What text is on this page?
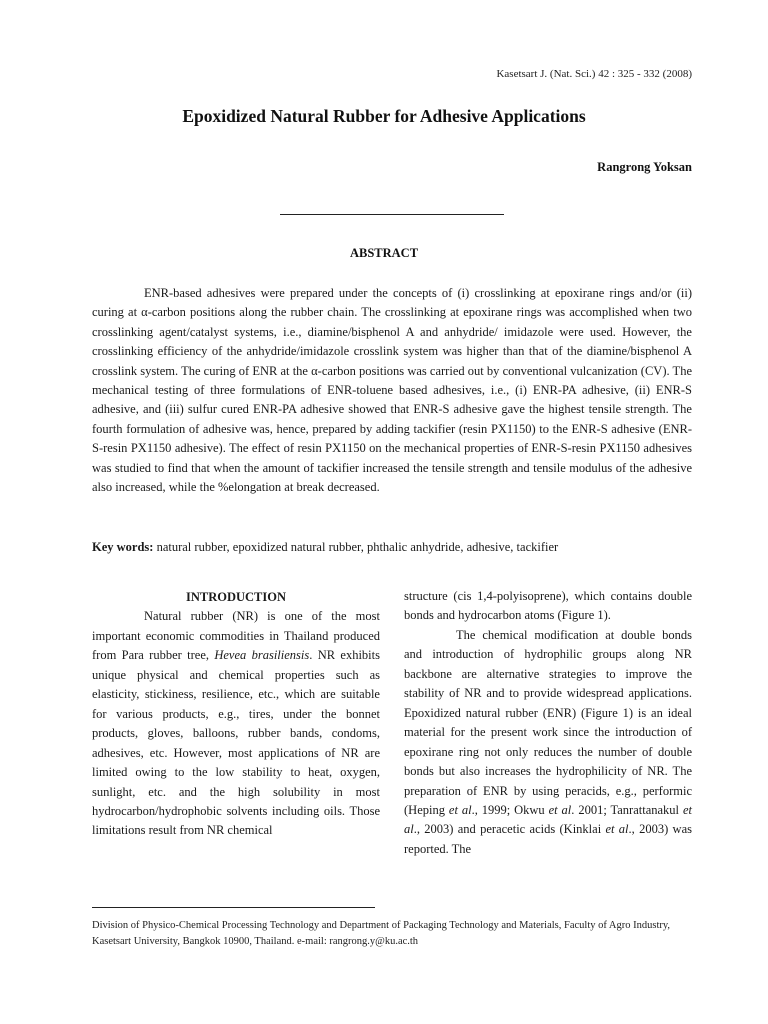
Kasetsart J. (Nat. Sci.) 42 : 325 - 332 (2008)
Epoxidized Natural Rubber for Adhesive Applications
Rangrong Yoksan
ABSTRACT

ENR-based adhesives were prepared under the concepts of (i) crosslinking at epoxirane rings and/or (ii) curing at α-carbon positions along the rubber chain. The crosslinking at epoxirane rings was accomplished when two crosslinking agent/catalyst systems, i.e., diamine/bisphenol A and anhydride/ imidazole were used. However, the crosslinking efficiency of the anhydride/imidazole crosslink system was higher than that of the diamine/bisphenol A crosslink system. The curing of ENR at the α-carbon positions was carried out by conventional vulcanization (CV). The mechanical testing of three formulations of ENR-toluene based adhesives, i.e., (i) ENR-PA adhesive, (ii) ENR-S adhesive, and (iii) sulfur cured ENR-PA adhesive showed that ENR-S adhesive gave the highest tensile strength. The fourth formulation of adhesive was, hence, prepared by adding tackifier (resin PX1150) to the ENR-S adhesive (ENR-S-resin PX1150 adhesive). The effect of resin PX1150 on the mechanical properties of ENR-S-resin PX1150 adhesives was studied to find that when the amount of tackifier increased the tensile strength and tensile modulus of the adhesive also increased, while the %elongation at break decreased.

Key words: natural rubber, epoxidized natural rubber, phthalic anhydride, adhesive, tackifier

INTRODUCTION

Natural rubber (NR) is one of the most important economic commodities in Thailand produced from Para rubber tree, Hevea brasiliensis. NR exhibits unique physical and chemical properties such as elasticity, stickiness, resilience, etc., which are suitable for various products, e.g., tires, under the bonnet products, gloves, balloons, rubber bands, condoms, adhesives, etc. However, most applications of NR are limited owing to the low stability to heat, oxygen, sunlight, etc. and the high solubility in most hydrocarbon/hydrophobic solvents including oils. Those limitations result from NR chemical

structure (cis 1,4-polyisoprene), which contains double bonds and hydrocarbon atoms (Figure 1).

The chemical modification at double bonds and introduction of hydrophilic groups along NR backbone are alternative strategies to improve the stability of NR and to provide widespread applications. Epoxidized natural rubber (ENR) (Figure 1) is an ideal material for the present work since the introduction of epoxirane ring not only reduces the number of double bonds but also increases the hydrophilicity of NR. The preparation of ENR by using peracids, e.g., performic (Heping et al., 1999; Okwu et al. 2001; Tanrattanakul et al., 2003) and peracetic acids (Kinklai et al., 2003) was reported. The

Division of Physico-Chemical Processing Technology and Department of Packaging Technology and Materials, Faculty of Agro Industry, Kasetsart University, Bangkok 10900, Thailand. e-mail: rangrong.y@ku.ac.th
